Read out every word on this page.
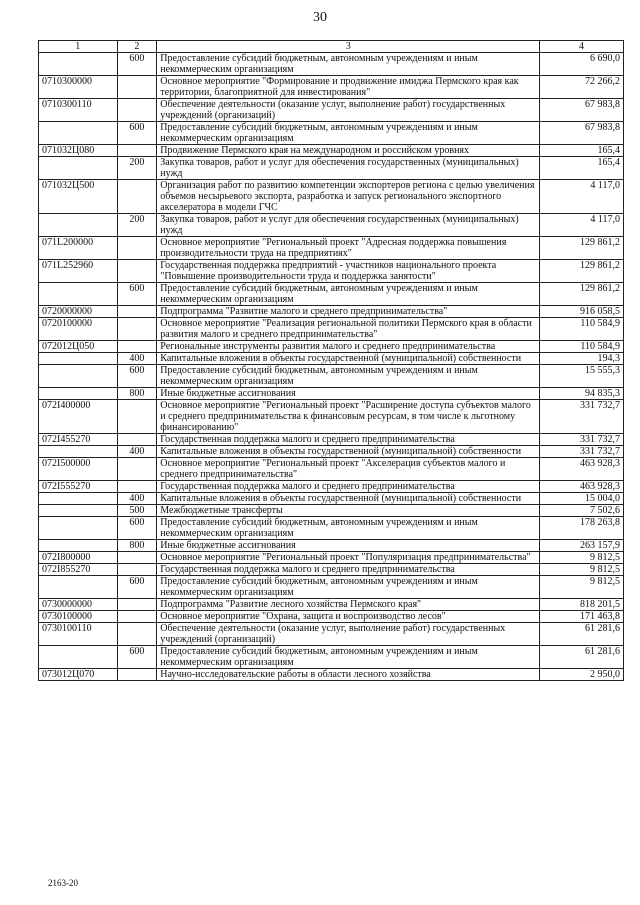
30
1	2	3	4
	600	Предоставление субсидий бюджетным, автономным учреждениям и иным некоммерческим организациям	6 690,0
0710300000		Основное мероприятие "Формирование и продвижение имиджа Пермского края как территории, благоприятной для инвестирования"	72 266,2
0710300110		Обеспечение деятельности (оказание услуг, выполнение работ) государственных учреждений (организаций)	67 983,8
	600	Предоставление субсидий бюджетным, автономным учреждениям и иным некоммерческим организациям	67 983,8
071032Ц080		Продвижение Пермского края на международном и российском уровнях	165,4
	200	Закупка товаров, работ и услуг для обеспечения государственных (муниципальных) нужд	165,4
071032Ц500		Организация работ по развитию компетенции экспортеров региона с целью увеличения объемов несырьевого экспорта, разработка и запуск регионального экспортного акселератора в модели ГЧС	4 117,0
	200	Закупка товаров, работ и услуг для обеспечения государственных (муниципальных) нужд	4 117,0
071L200000		Основное мероприятие "Региональный проект "Адресная поддержка повышения производительности труда на предприятиях"	129 861,2
071L252960		Государственная поддержка предприятий - участников национального проекта "Повышение производительности труда и поддержка занятости"	129 861,2
	600	Предоставление субсидий бюджетным, автономным учреждениям и иным некоммерческим организациям	129 861,2
0720000000		Подпрограмма "Развитие малого и среднего предпринимательства"	916 058,5
0720100000		Основное мероприятие "Реализация региональной политики Пермского края в области развития малого и среднего предпринимательства"	110 584,9
072012Ц050		Региональные инструменты развития малого и среднего предпринимательства	110 584,9
	400	Капитальные вложения в объекты государственной (муниципальной) собственности	194,3
	600	Предоставление субсидий бюджетным, автономным учреждениям и иным некоммерческим организациям	15 555,3
	800	Иные бюджетные ассигнования	94 835,3
072I400000		Основное мероприятие "Региональный проект "Расширение доступа субъектов малого и среднего предпринимательства к финансовым ресурсам, в том числе к льготному финансированию"	331 732,7
072I455270		Государственная поддержка малого и среднего предпринимательства	331 732,7
	400	Капитальные вложения в объекты государственной (муниципальной) собственности	331 732,7
072I500000		Основное мероприятие "Региональный проект "Акселерация субъектов малого и среднего предпринимательства"	463 928,3
072I555270		Государственная поддержка малого и среднего предпринимательства	463 928,3
	400	Капитальные вложения в объекты государственной (муниципальной) собственности	15 004,0
	500	Межбюджетные трансферты	7 502,6
	600	Предоставление субсидий бюджетным, автономным учреждениям и иным некоммерческим организациям	178 263,8
	800	Иные бюджетные ассигнования	263 157,9
072I800000		Основное мероприятие "Региональный проект "Популяризация предпринимательства"	9 812,5
072I855270		Государственная поддержка малого и среднего предпринимательства	9 812,5
	600	Предоставление субсидий бюджетным, автономным учреждениям и иным некоммерческим организациям	9 812,5
0730000000		Подпрограмма "Развитие лесного хозяйства Пермского края"	818 201,5
0730100000		Основное мероприятие "Охрана, защита и воспроизводство лесов"	171 463,8
0730100110		Обеспечение деятельности (оказание услуг, выполнение работ) государственных учреждений (организаций)	61 281,6
	600	Предоставление субсидий бюджетным, автономным учреждениям и иным некоммерческим организациям	61 281,6
073012Ц070		Научно-исследовательские работы в области лесного хозяйства	2 950,0
2163-20
